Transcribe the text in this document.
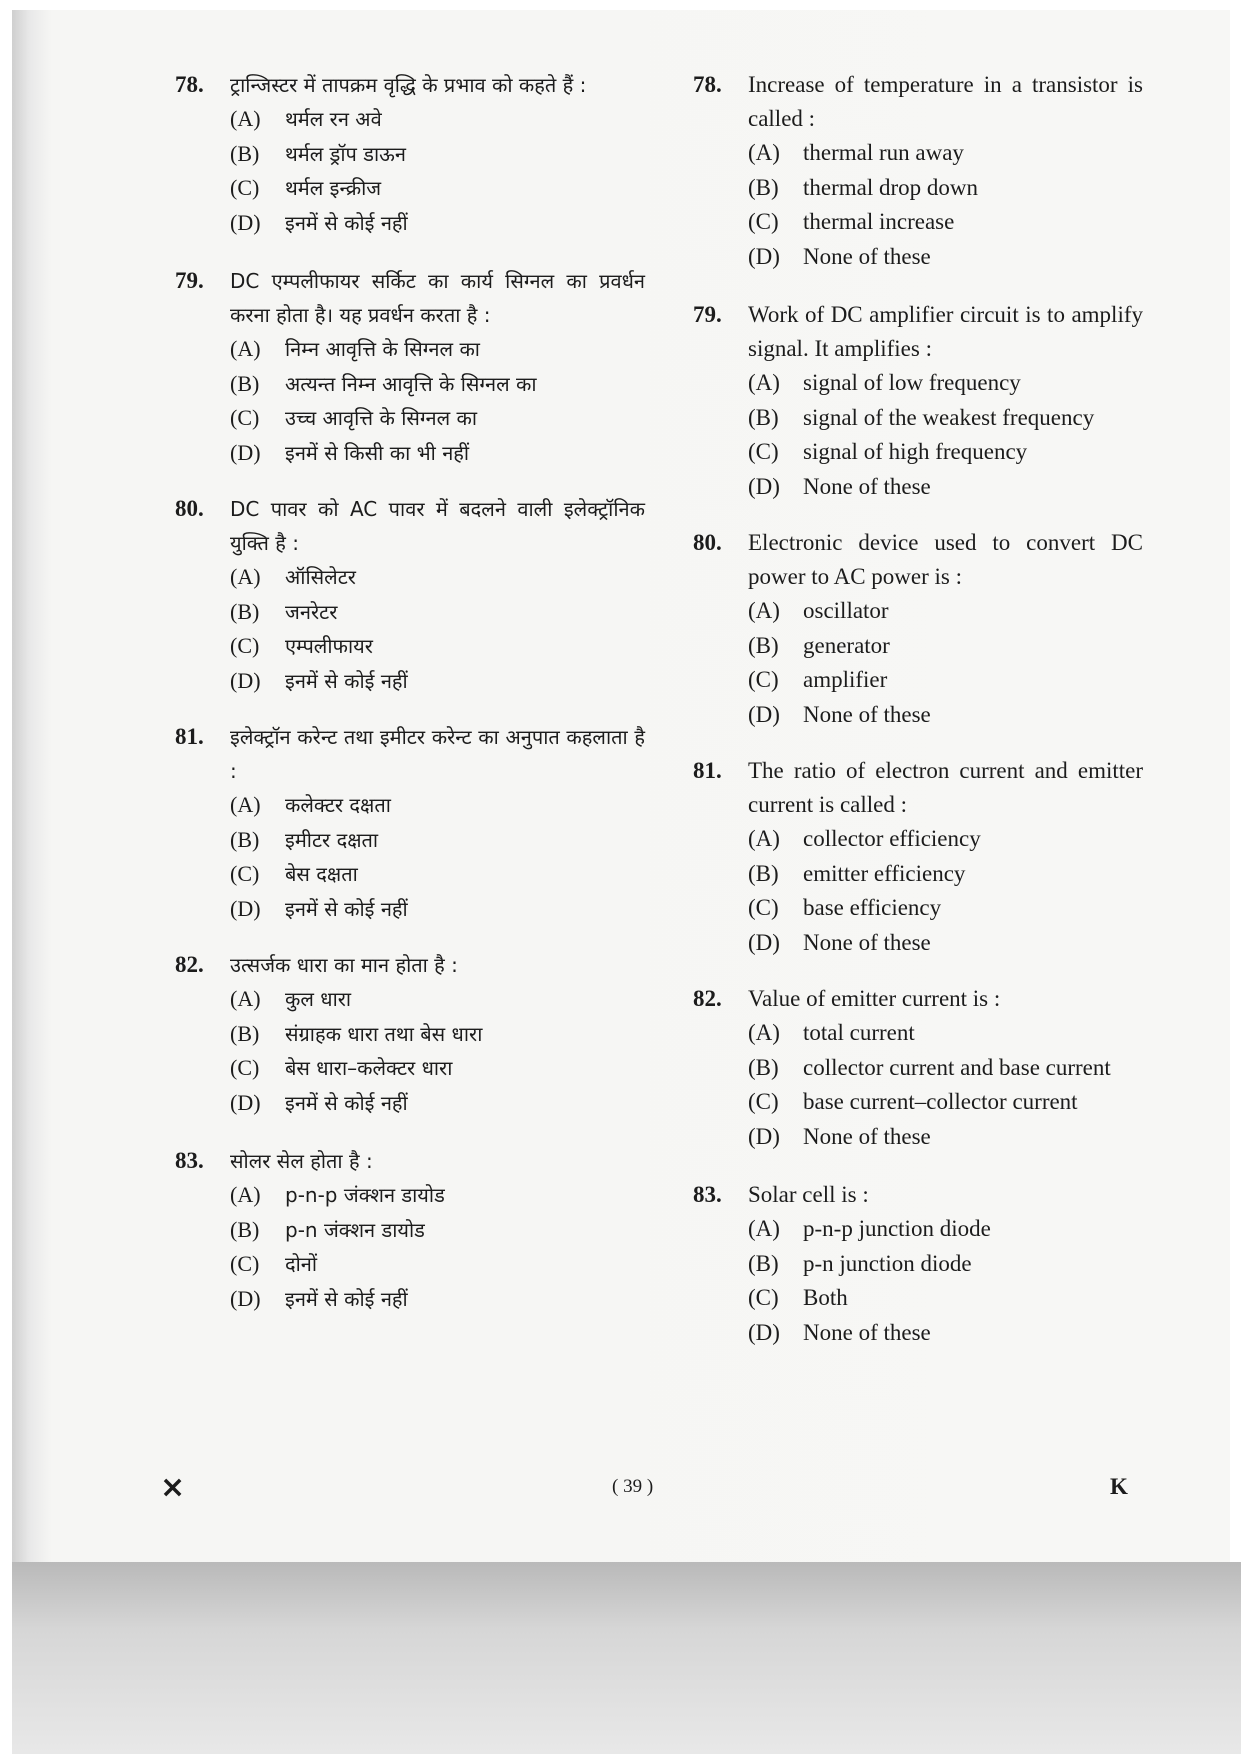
78. ट्रान्जिस्टर में तापक्रम वृद्धि के प्रभाव को कहते हैं :
(A) थर्मल रन अवे
(B) थर्मल ड्रॉप डाऊन
(C) थर्मल इन्क्रीज
(D) इनमें से कोई नहीं
79. DC एम्पलीफायर सर्किट का कार्य सिग्नल का प्रवर्धन करना होता है। यह प्रवर्धन करता है :
(A) निम्न आवृत्ति के सिग्नल का
(B) अत्यन्त निम्न आवृत्ति के सिग्नल का
(C) उच्च आवृत्ति के सिग्नल का
(D) इनमें से किसी का भी नहीं
80. DC पावर को AC पावर में बदलने वाली इलेक्ट्रॉनिक युक्ति है :
(A) ऑसिलेटर
(B) जनरेटर
(C) एम्पलीफायर
(D) इनमें से कोई नहीं
81. इलेक्ट्रॉन करेन्ट तथा इमीटर करेन्ट का अनुपात कहलाता है :
(A) कलेक्टर दक्षता
(B) इमीटर दक्षता
(C) बेस दक्षता
(D) इनमें से कोई नहीं
82. उत्सर्जक धारा का मान होता है :
(A) कुल धारा
(B) संग्राहक धारा तथा बेस धारा
(C) बेस धारा–कलेक्टर धारा
(D) इनमें से कोई नहीं
83. सोलर सेल होता है :
(A) p-n-p जंक्शन डायोड
(B) p-n जंक्शन डायोड
(C) दोनों
(D) इनमें से कोई नहीं
78. Increase of temperature in a transistor is called :
(A) thermal run away
(B) thermal drop down
(C) thermal increase
(D) None of these
79. Work of DC amplifier circuit is to amplify signal. It amplifies :
(A) signal of low frequency
(B) signal of the weakest frequency
(C) signal of high frequency
(D) None of these
80. Electronic device used to convert DC power to AC power is :
(A) oscillator
(B) generator
(C) amplifier
(D) None of these
81. The ratio of electron current and emitter current is called :
(A) collector efficiency
(B) emitter efficiency
(C) base efficiency
(D) None of these
82. Value of emitter current is :
(A) total current
(B) collector current and base current
(C) base current–collector current
(D) None of these
83. Solar cell is :
(A) p-n-p junction diode
(B) p-n junction diode
(C) Both
(D) None of these
×	( 39 )	K
